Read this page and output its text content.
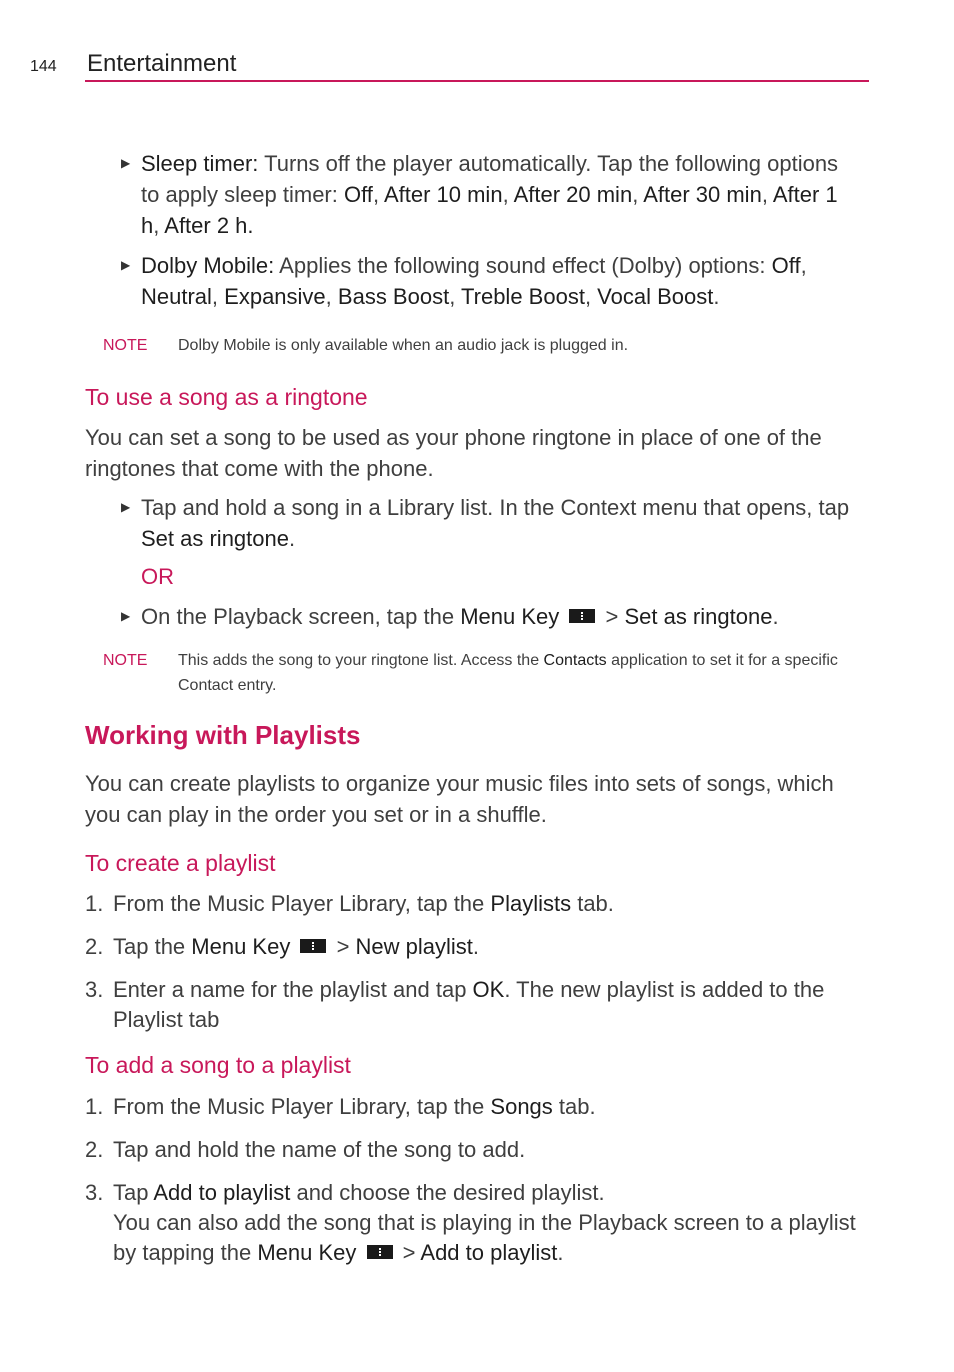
144 Entertainment
▶ Sleep timer: Turns off the player automatically. Tap the following options to apply sleep timer: Off, After 10 min, After 20 min, After 30 min, After 1 h, After 2 h.
▶ Dolby Mobile: Applies the following sound effect (Dolby) options: Off, Neutral, Expansive, Bass Boost, Treble Boost, Vocal Boost.
NOTE Dolby Mobile is only available when an audio jack is plugged in.
To use a song as a ringtone

You can set a song to be used as your phone ringtone in place of one of the ringtones that come with the phone.

▶ Tap and hold a song in a Library list. In the Context menu that opens, tap Set as ringtone.
OR
▶ On the Playback screen, tap the Menu Key  > Set as ringtone.
NOTE This adds the song to your ringtone list. Access the Contacts application to set it for a specific Contact entry.
Working with Playlists

You can create playlists to organize your music files into sets of songs, which you can play in the order you set or in a shuffle.

To create a playlist
1. From the Music Player Library, tap the Playlists tab.
2. Tap the Menu Key  > New playlist.
3. Enter a name for the playlist and tap OK. The new playlist is added to the Playlist tab
To add a song to a playlist
1. From the Music Player Library, tap the Songs tab.
2. Tap and hold the name of the song to add.
3. Tap Add to playlist and choose the desired playlist.
You can also add the song that is playing in the Playback screen to a playlist by tapping the Menu Key  > Add to playlist.
